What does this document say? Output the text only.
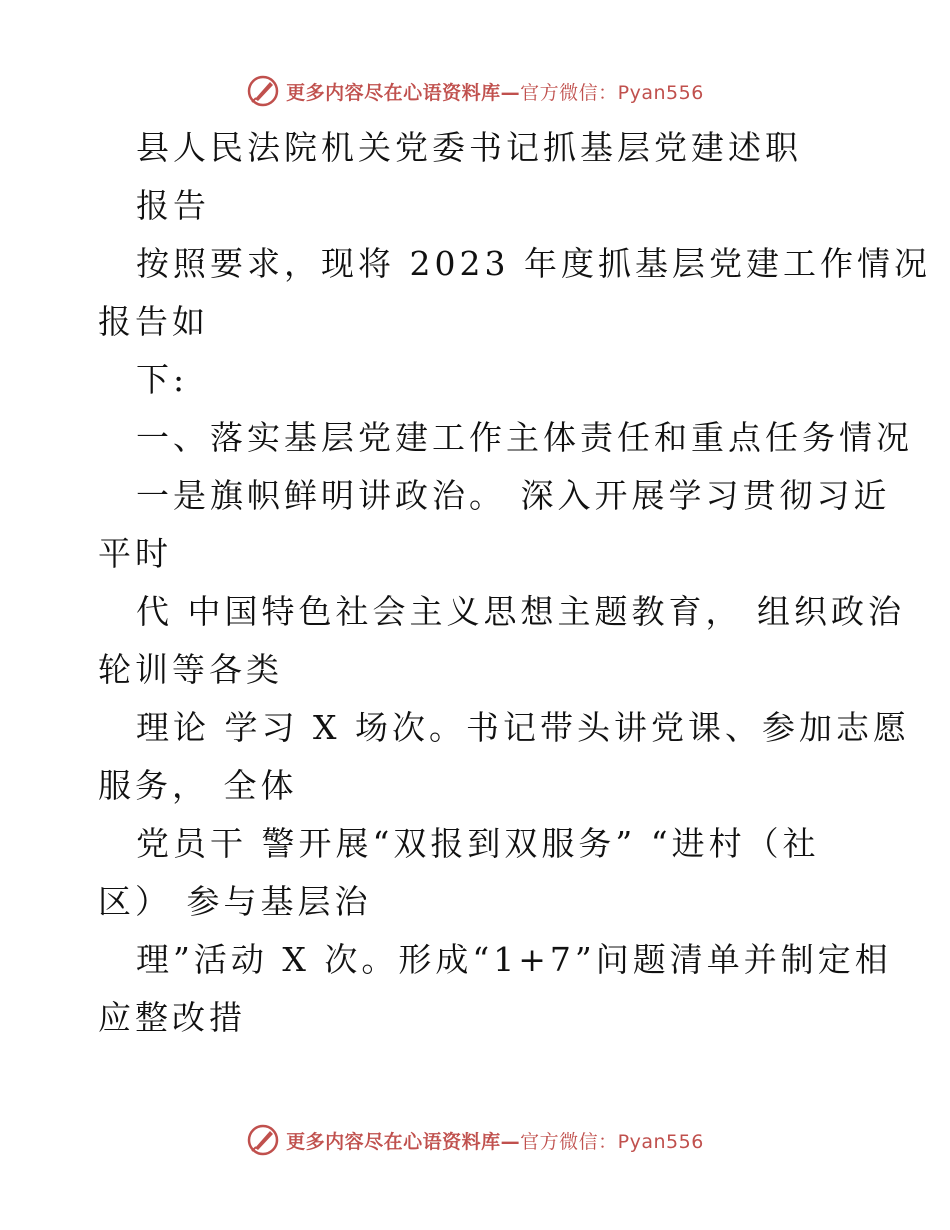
更多内容尽在心语资料库—官方微信：Pyan556
县人民法院机关党委书记抓基层党建述职
报告
按照要求，现将 2023 年度抓基层党建工作情况
报告如
下:
一、落实基层党建工作主体责任和重点任务情况
一是旗帜鲜明讲政治。 深入开展学习贯彻习近
平时
代 中国特色社会主义思想主题教育， 组织政治
轮训等各类
理论 学习 X 场次。书记带头讲党课、参加志愿
服务， 全体
党员干 警开展“双报到双服务” “进村（社
区） 参与基层治
理”活动 X 次。形成“1+7”问题清单并制定相
应整改措
更多内容尽在心语资料库—官方微信：Pyan556
